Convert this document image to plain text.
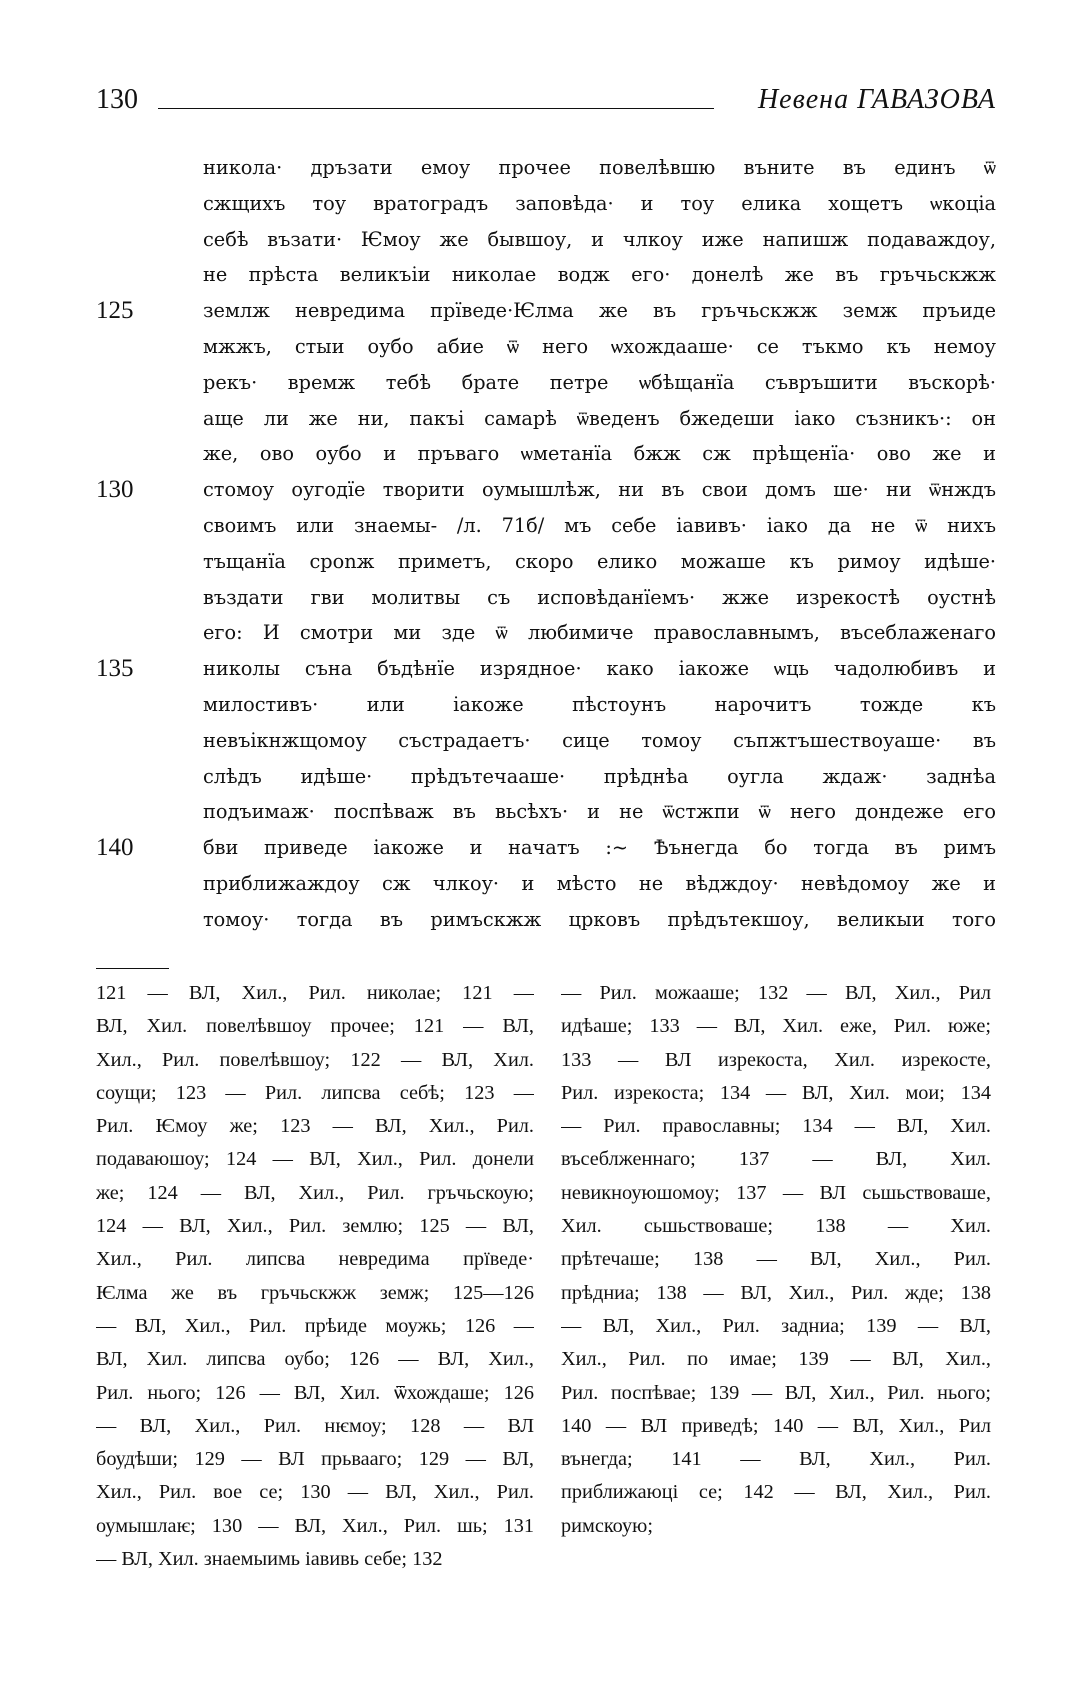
130	Невена ГАВАЗОВА
никола· дръзати емоу прочее повелѣвшю въните въ единъ ѿ
сжщихъ тоу вратоградъ заповѣда· и тоу елика хощетъ ѡкоціа
себѣ възати· Ѥмоу же бывшоу, и члкоу иже напишж подаваждоу,
не прѣста великъіи николае водж его· донелѣ же въ гръчьскжж
125	землж невредима прїведе·Ѥлма же въ гръчьскжж земж пръиде
мжжъ, стыи оубо абие ѿ него ѡхождааше· се тъкмо къ немоу
рекъ· времж тебѣ брате петре ѡбѣщанїа съвръшити въскорѣ·
аще ли же ни, пакъі самарѣ ѿведенъ бжедеши іако съзникъ·: он
же, ово оубо и пръваго ѡметанїа бжж сж прѣщенїа· ово же и
130	стомоу оугодїе творити оумышлѣж, ни въ свои домъ ше· ни ѿнждъ
своимъ или знаемы- /л. 71б/ мъ себе іавивъ· іако да не ѿ нихъ
тъщанїа сponж приметъ, скоро елико можаше къ римоу идѣше·
въздати гви молитвы съ исповѣданїемъ· жже изрекостѣ оустнѣ
его: И смотри ми зде ѿ любимиче православнымъ, въсеблаженаго
135	николы съна бъдѣнїе изрядное· како іакоже ѡць чадолюбивъ и
милостивъ· или іакоже пѣстоунъ нарочитъ тожде къ
невъікнжщомоу състрадаетъ· сице томоу съпжтъшествоуаше· въ
слѣдъ идѣше· прѣдътечааше· прѣднѣа оугла ждаж· заднѣа
подъимаж· поспѣваж въ вьсѣхъ· и не ѿстжпи ѿ него дондеже его
140	бви приведе іакоже и начатъ :~ Ѣънегда бо тогда въ римъ
приближаждоу сж члкоу· и мѣсто не вѣдждоу· невѣдомоу же и
томоу· тогда въ римъскжж црковъ прѣдътекшоу, великыи того
121 — ВЛ, Хил., Рил. николае; 121 —
ВЛ, Хил. повелѣвшоу прочее; 121 — ВЛ,
Хил., Рил. повелѣвшоу; 122 — ВЛ, Хил.
соущи; 123 — Рил. липсва себѣ; 123 —
Рил. Ѥмоу же; 123 — ВЛ, Хил., Рил.
подаваюшоу; 124 — ВЛ, Хил., Рил. донели
же; 124 — ВЛ, Хил., Рил. гръчьскоую;
124 — ВЛ, Хил., Рил. землю; 125 — ВЛ,
Хил., Рил. липсва невредима прїведе·
Ѥлма же въ гръчьскжж земж; 125—126
— ВЛ, Хил., Рил. прѣиде моужь; 126 —
ВЛ, Хил. липсва оубо; 126 — ВЛ, Хил.,
Рил. нього; 126 — ВЛ, Хил. ѿхождаше; 126
— ВЛ, Хил., Рил. нѥмоу; 128 — ВЛ
боудѣши; 129 — ВЛ прьвааго; 129 — ВЛ,
Хил., Рил. вое се; 130 — ВЛ, Хил., Рил.
оумышлаѥ; 130 — ВЛ, Хил., Рил. шь; 131
— ВЛ, Хил. знаемыимь іавивь себе; 132
— Рил. можааше; 132 — ВЛ, Хил., Рил
идѣаше; 133 — ВЛ, Хил. еже, Рил. юже;
133 — ВЛ изрекоста, Хил. изрекосте,
Рил. изрекоста; 134 — ВЛ, Хил. мои; 134
— Рил. православны; 134 — ВЛ, Хил.
въсеблженнаго; 137 — ВЛ, Хил.
невикноуюшомоу; 137 — ВЛ сьшьствоваше,
Хил. сьшьствоваше; 138 — Хил.
прѣтечаше; 138 — ВЛ, Хил., Рил.
прѣдниа; 138 — ВЛ, Хил., Рил. жде; 138
— ВЛ, Хил., Рил. задниа; 139 — ВЛ,
Хил., Рил. по имае; 139 — ВЛ, Хил.,
Рил. поспѣвае; 139 — ВЛ, Хил., Рил. нього;
140 — ВЛ приведѣ; 140 — ВЛ, Хил., Рил
вънегда; 141 — ВЛ, Хил., Рил.
приближаюці се; 142 — ВЛ, Хил., Рил.
римскоую;
